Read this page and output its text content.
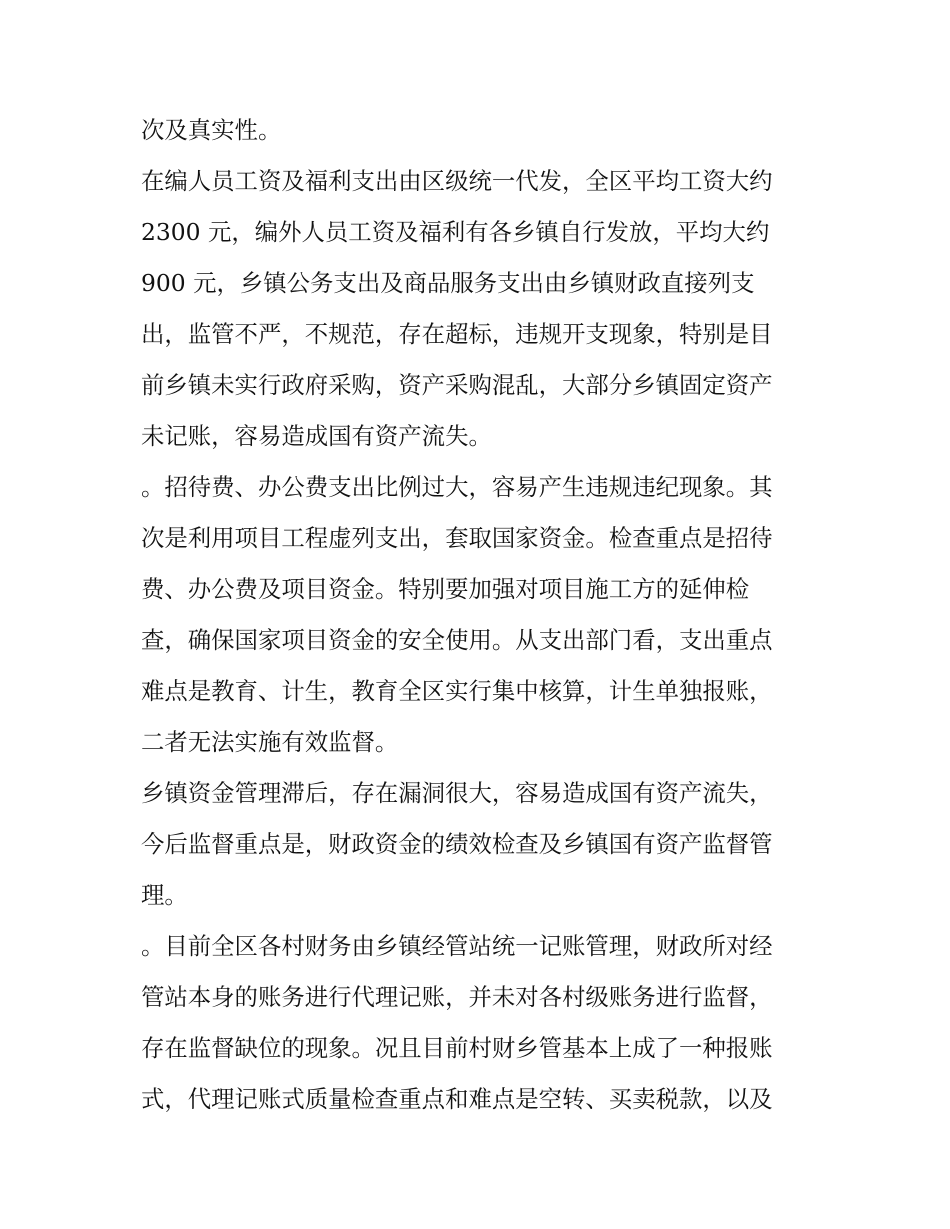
次及真实性。
在编人员工资及福利支出由区级统一代发，全区平均工资大约
2300 元，编外人员工资及福利有各乡镇自行发放，平均大约
900 元，乡镇公务支出及商品服务支出由乡镇财政直接列支
出，监管不严，不规范，存在超标，违规开支现象，特别是目
前乡镇未实行政府采购，资产采购混乱，大部分乡镇固定资产
未记账，容易造成国有资产流失。
。招待费、办公费支出比例过大，容易产生违规违纪现象。其
次是利用项目工程虚列支出，套取国家资金。检查重点是招待
费、办公费及项目资金。特别要加强对项目施工方的延伸检
查，确保国家项目资金的安全使用。从支出部门看，支出重点
难点是教育、计生，教育全区实行集中核算，计生单独报账，
二者无法实施有效监督。
乡镇资金管理滞后，存在漏洞很大，容易造成国有资产流失，
今后监督重点是，财政资金的绩效检查及乡镇国有资产监督管
理。
。目前全区各村财务由乡镇经管站统一记账管理，财政所对经
管站本身的账务进行代理记账，并未对各村级账务进行监督，
存在监督缺位的现象。况且目前村财乡管基本上成了一种报账
式，代理记账式质量检查重点和难点是空转、买卖税款，以及
